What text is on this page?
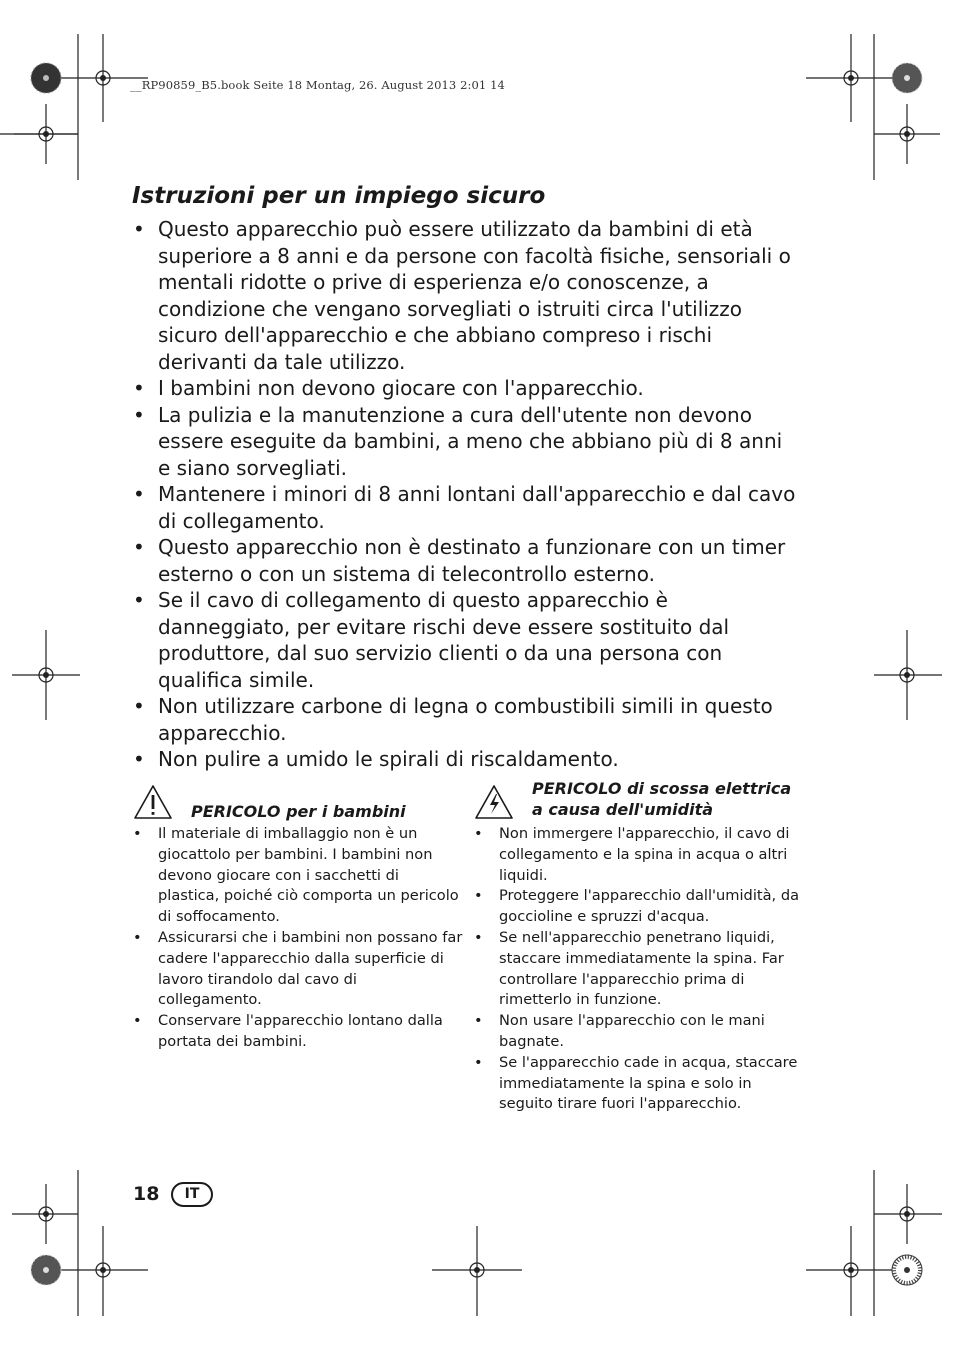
__RP90859_B5.book Seite 18 Montag, 26. August 2013 2:01 14
Istruzioni per un impiego sicuro
• Questo apparecchio può essere utilizzato da bambini di età superiore a 8 anni e da persone con facoltà fisiche, sensoriali o mentali ridotte o prive di esperienza e/o conoscenze, a condizione che vengano sorvegliati o istruiti circa l'utilizzo sicuro dell'apparecchio e che abbiano compreso i rischi derivanti da tale utilizzo.
• I bambini non devono giocare con l'apparecchio.
• La pulizia e la manutenzione a cura dell'utente non devono essere eseguite da bambini, a meno che abbiano più di 8 anni e siano sorvegliati.
• Mantenere i minori di 8 anni lontani dall'apparecchio e dal cavo di collegamento.
• Questo apparecchio non è destinato a funzionare con un timer esterno o con un sistema di telecontrollo esterno.
• Se il cavo di collegamento di questo apparecchio è danneggiato, per evitare rischi deve essere sostituito dal produttore, dal suo servizio clienti o da una persona con qualifica simile.
• Non utilizzare carbone di legna o combustibili simili in questo apparecchio.
• Non pulire a umido le spirali di riscaldamento.
PERICOLO per i bambini
• Il materiale di imballaggio non è un giocattolo per bambini. I bambini non devono giocare con i sacchetti di plastica, poiché ciò comporta un pericolo di soffocamento.
• Assicurarsi che i bambini non possano far cadere l'apparecchio dalla superficie di lavoro tirandolo dal cavo di collegamento.
• Conservare l'apparecchio lontano dalla portata dei bambini.
PERICOLO di scossa elettrica a causa dell'umidità
• Non immergere l'apparecchio, il cavo di collegamento e la spina in acqua o altri liquidi.
• Proteggere l'apparecchio dall'umidità, da goccioline e spruzzi d'acqua.
• Se nell'apparecchio penetrano liquidi, staccare immediatamente la spina. Far controllare l'apparecchio prima di rimetterlo in funzione.
• Non usare l'apparecchio con le mani bagnate.
• Se l'apparecchio cade in acqua, staccare immediatamente la spina e solo in seguito tirare fuori l'apparecchio.
18	IT
